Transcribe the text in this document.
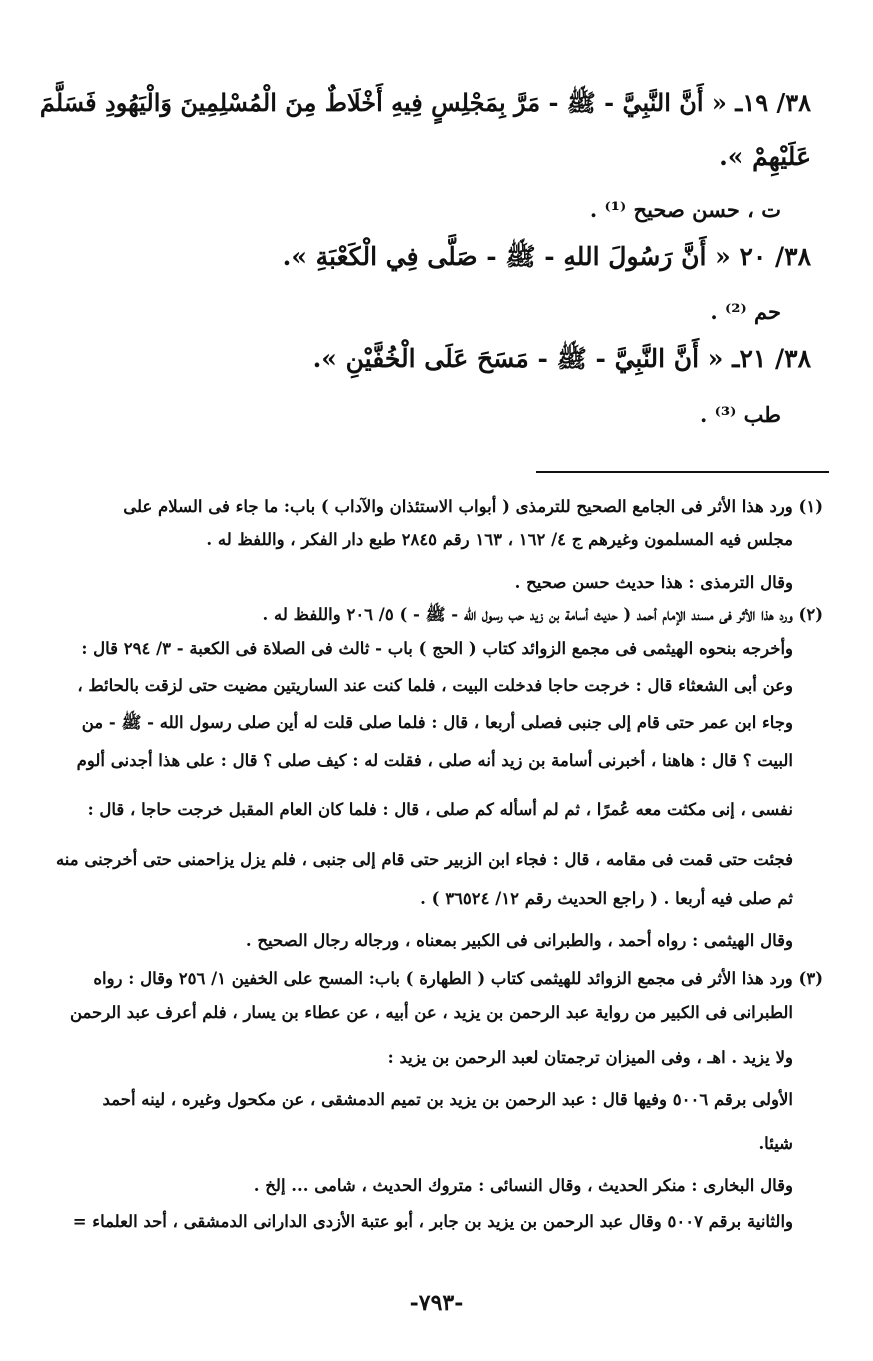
٣٨/ ١٩ـ « أَنَّ النَّبِيَّ - ﷺ - مَرَّ بِمَجْلِسٍ فِيهِ أَخْلَاطٌ مِنَ الْمُسْلِمِينَ وَالْيَهُودِ فَسَلَّمَ
عَلَيْهِمْ ».
ت ، حسن صحيح ⁽¹⁾ .
٣٨/ ٢٠ « أَنَّ رَسُولَ اللهِ - ﷺ - صَلَّى فِي الْكَعْبَةِ ».
حم ⁽²⁾ .
٣٨/ ٢١ـ « أَنَّ النَّبِيَّ - ﷺ - مَسَحَ عَلَى الْخُفَّيْنِ ».
طب ⁽³⁾ .
(١) ورد هذا الأثر فى الجامع الصحيح للترمذى ( أبواب الاستئذان والآداب ) باب: ما جاء فى السلام على
مجلس فيه المسلمون وغيرهم ج ٤/ ١٦٢ ، ١٦٣ رقم ٢٨٤٥ طبع دار الفكر ، واللفظ له .
وقال الترمذى : هذا حديث حسن صحيح .
(٢) ورد هذا الأثر فى مسند الإمام أحمد ( حديث أسامة بن زيد حب رسول الله - ﷺ - ) ٥/ ٢٠٦ واللفظ له .
وأخرجه بنحوه الهيثمى فى مجمع الزوائد كتاب ( الحج ) باب - ثالث فى الصلاة فى الكعبة - ٣/ ٢٩٤ قال :
وعن أبى الشعثاء قال : خرجت حاجا فدخلت البيت ، فلما كنت عند الساريتين مضيت حتى لزقت بالحائط ،
وجاء ابن عمر حتى قام إلى جنبى فصلى أربعا ، قال : فلما صلى قلت له أين صلى رسول الله - ﷺ - من
البيت ؟ قال : هاهنا ، أخبرنى أسامة بن زيد أنه صلى ، فقلت له : كيف صلى ؟ قال : على هذا أجدنى ألوم
نفسى ، إنى مكثت معه عُمرًا ، ثم لم أسأله كم صلى ، قال : فلما كان العام المقبل خرجت حاجا ، قال :
فجئت حتى قمت فى مقامه ، قال : فجاء ابن الزبير حتى قام إلى جنبى ، فلم يزل يزاحمنى حتى أخرجنى منه
ثم صلى فيه أربعا . ( راجع الحديث رقم ١٢/ ٣٦٥٢٤ ) .
وقال الهيثمى : رواه أحمد ، والطبرانى فى الكبير بمعناه ، ورجاله رجال الصحيح .
(٣) ورد هذا الأثر فى مجمع الزوائد للهيثمى كتاب ( الطهارة ) باب: المسح على الخفين ١/ ٢٥٦ وقال : رواه
الطبرانى فى الكبير من رواية عبد الرحمن بن يزيد ، عن أبيه ، عن عطاء بن يسار ، فلم أعرف عبد الرحمن
ولا يزيد . اهـ ، وفى الميزان ترجمتان لعبد الرحمن بن يزيد :
الأولى برقم ٥٠٠٦ وفيها قال : عبد الرحمن بن يزيد بن تميم الدمشقى ، عن مكحول وغيره ، لينه أحمد
شيئا.
وقال البخارى : منكر الحديث ، وقال النسائى : متروك الحديث ، شامى ... إلخ .
والثانية برقم ٥٠٠٧ وقال عبد الرحمن بن يزيد بن جابر ، أبو عتبة الأزدى الدارانى الدمشقى ، أحد العلماء =
-٧٩٣-
